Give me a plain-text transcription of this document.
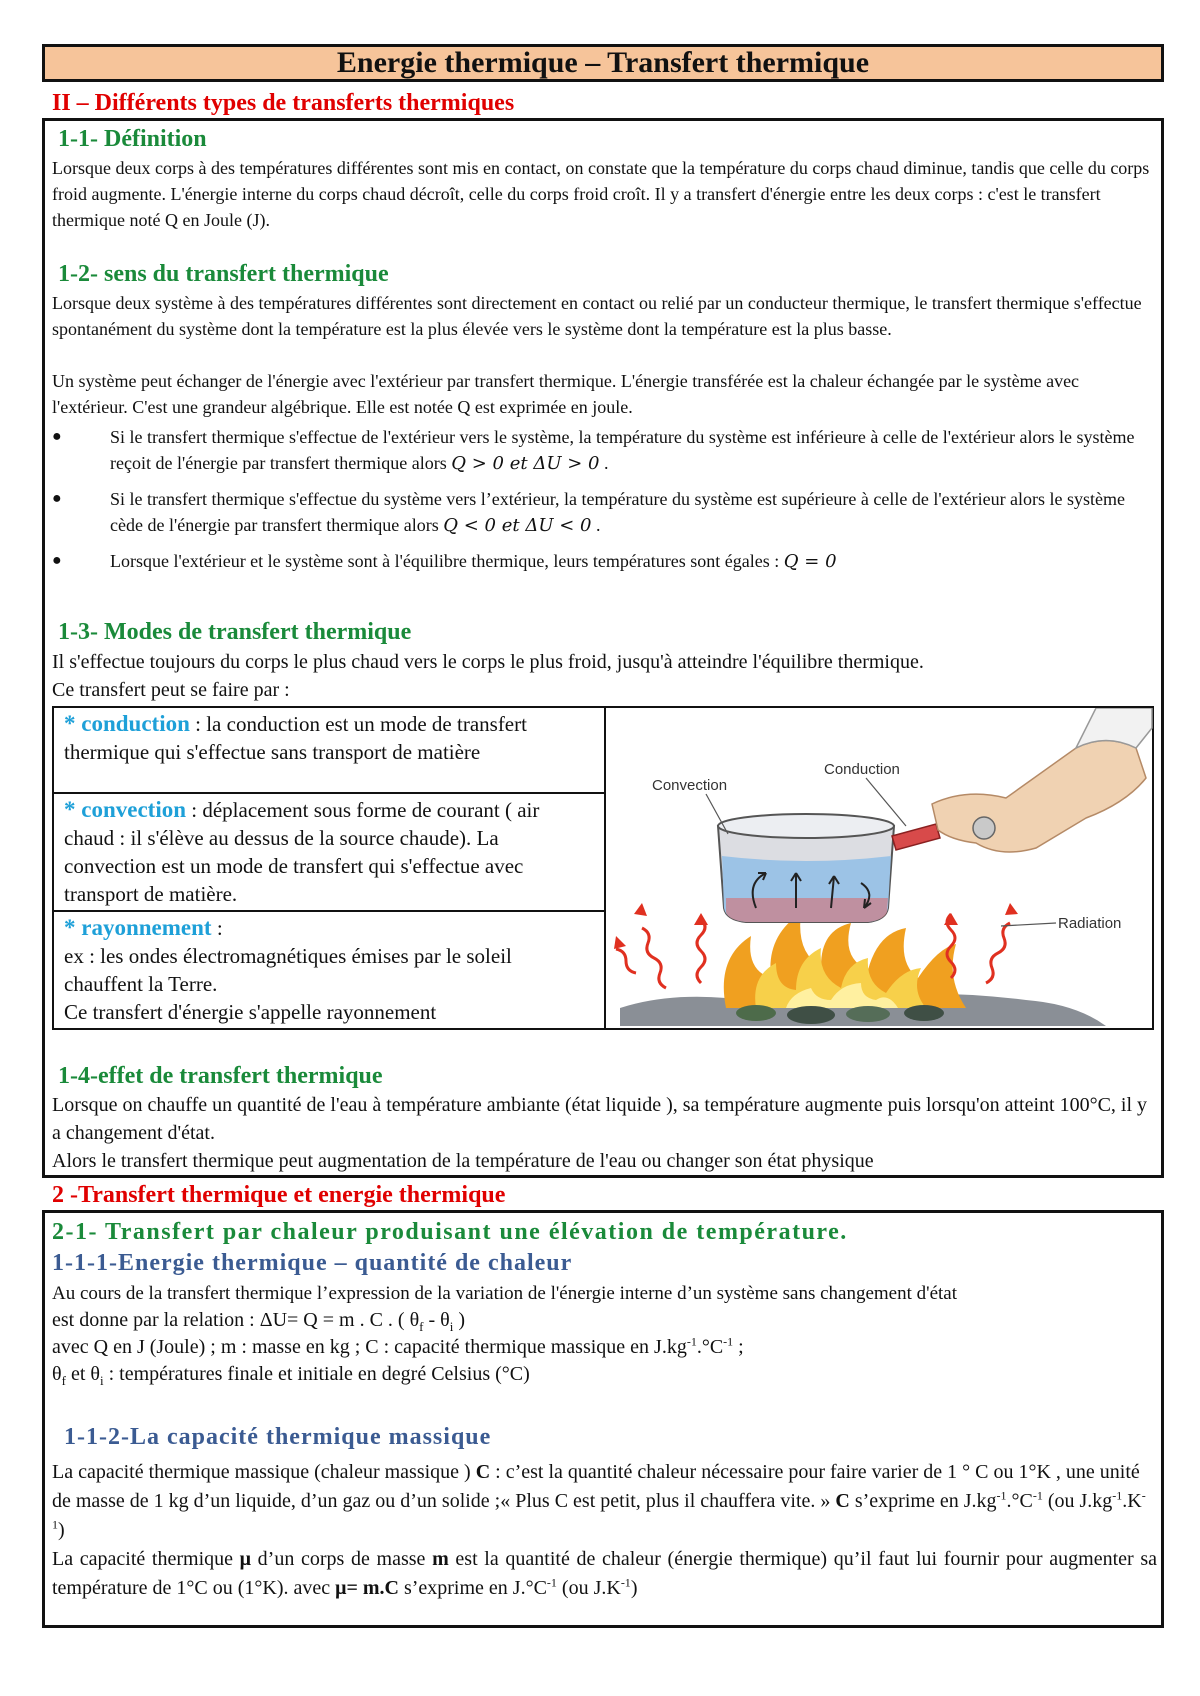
Energie thermique – Transfert thermique
II – Différents types de transferts thermiques
1-1- Définition
Lorsque deux corps à des températures différentes sont mis en contact, on constate que la température du corps chaud diminue, tandis que celle du corps froid augmente. L'énergie interne du corps chaud décroît, celle du corps froid croît. Il y a transfert d'énergie entre les deux corps : c'est le transfert thermique noté Q en Joule (J).
1-2- sens du transfert thermique
Lorsque deux système à des températures différentes sont directement en contact ou relié par un conducteur thermique, le transfert thermique s'effectue spontanément du système dont la température est la plus élevée vers le système dont la température est la plus basse.
Un système peut échanger de l'énergie avec l'extérieur par transfert thermique. L'énergie transférée est la chaleur échangée par le système avec l'extérieur. C'est une grandeur algébrique. Elle est notée Q est exprimée en joule.
●	Si le transfert thermique s'effectue de l'extérieur vers le système, la température du système est inférieure à celle de l'extérieur alors le système reçoit de l'énergie par transfert thermique alors Q > 0 et ΔU > 0 .
●	Si le transfert thermique s'effectue du système vers l’extérieur, la température du système est supérieure à celle de l'extérieur alors le système cède de l'énergie par transfert thermique alors Q < 0 et ΔU < 0 .
●	Lorsque l'extérieur et le système sont à l'équilibre thermique, leurs températures sont égales : Q = 0
1-3- Modes de transfert thermique
Il s'effectue toujours du corps le plus chaud vers le corps le plus froid, jusqu'à atteindre l'équilibre thermique.
Ce transfert peut se faire par :
* conduction : la conduction est un mode de transfert thermique qui s'effectue sans transport de matière
* convection : déplacement sous forme de courant ( air chaud : il s'élève au dessus de la source chaude). La convection est un mode de transfert qui s'effectue avec transport de matière.
* rayonnement :
ex : les ondes électromagnétiques émises par le soleil chauffent la Terre.
Ce transfert d'énergie s'appelle rayonnement
Convection
Conduction
Radiation
1-4-effet de transfert thermique
Lorsque on chauffe un quantité de l'eau à température ambiante (état liquide ), sa température augmente puis lorsqu'on atteint 100°C, il y a changement d'état.
Alors le transfert thermique peut augmentation de la température de l'eau ou changer son état physique
2 -Transfert thermique et energie thermique
2-1- Transfert par chaleur produisant une élévation de température.
1-1-1-Energie thermique – quantité de chaleur
Au cours de la transfert thermique l’expression de la variation de l'énergie interne d’un système sans changement d'état
est donne par la relation : ΔU= Q = m . C . ( $\theta_f - \theta_i$ )
avec Q en J (Joule) ; m : masse en kg ; C : capacité thermique massique en $J.kg^{-1}.^\circ C^{-1}$ ;
$\theta_f$ et $\theta_i$ : températures finale et initiale en degré Celsius (°C)
1-1-2-La capacité thermique massique
La capacité thermique massique (chaleur massique ) C : c’est la quantité chaleur nécessaire pour faire varier de 1 ° C ou 1°K , une unité de masse de 1 kg d’un liquide, d’un gaz ou d’un solide ;« Plus C est petit, plus il chauffera vite. » C s’exprime en $J.kg^{-1}.^\circ C^{-1}$ (ou $J.kg^{-1}.K^{-1}$)
La capacité thermique μ d’un corps de masse m est la quantité de chaleur (énergie thermique) qu’il faut lui fournir pour augmenter sa température de 1°C ou (1°K). avec μ= m.C s’exprime en $J.^\circ C^{-1}$ (ou $J.K^{-1}$)
